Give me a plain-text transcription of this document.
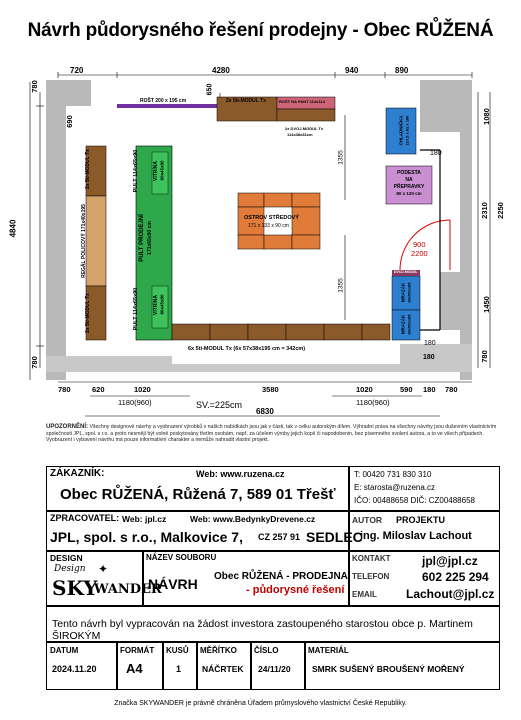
Návrh půdorysného řešení prodejny - Obec RŮŽENÁ
720	4280	940	890
780
4840
780
690	1080
2310 2250
1450
780
780	620	1020	3580	1020	590 180 780
1180(960)	SV.=225cm	1180(960)
6830
650
1355
1355
180
180
180
900
2200
ROŠT 200 x 195 cm	2x 5ti-MODUL Tx	ROŠT NA PANT 114x114
2x DVOJ-MODUL Tx
114x38x81cm
2x 5ti-MODUL Tx
REGÁL POLICOVÝ 171x40x195
2x 5ti-MODUL Tx
PULT 114x65x90	VITRÍNA 80x45x80
PULT PRODEJNÍ 171x65x90 cm
PULT 114x65x90	VITRÍNA 80x45x80
OSTROV STŘEDOVÝ
171 x 133 x 90 cm
CHLADNIČKA 117,5 x 61 x 186
PODESTA
NA
PŘEPRAVKY
80 x 120 cm
MRAZÁK 60x55x185
MRAZÁK 60x55x185
DVOJ-MODUL
6x 5ti-MODUL Tx (6x 57x38x195 cm = 342cm)
UPOZORNĚNÍ: Všechny designové návrhy a vyobrazení výrobků v našich nabídkách jsou jak v části, tak v celku autorským dílem. Výhradní práva na všechny návrhy jsou duševním vlastnictvím společnosti JPL, spol. s r.o. a proto nesmějí být volně poskytovány třetím osobám, např. za účelem výroby jejich kopií či napodobenin, bez písemného svolení autora, a to ve všech případech. Vyobrazení i vybavení návrhu má pouze informativní charakter a nemůže nahradit vlastní projekt.
ZÁKAZNÍK:	Web: www.ruzena.cz
Obec RŮŽENÁ, Růžená 7, 589 01 Třešť
T: 00420 731 830 310
E: starosta@ruzena.cz
IČO: 00488658 DIČ: CZ00488658
ZPRACOVATEL: Web: jpl.cz	Web: www.BedynkyDrevene.cz
JPL, spol. s r.o., Malkovice 7, CZ 257 91 SEDLEC
AUTOR PROJEKTU
ing. Miloslav Lachout
DESIGN
Design
SKY
WANDER
✦
NÁZEV SOUBORU
NÁVRH Obec RŮŽENÁ - PRODEJNA
- půdorysné řešení
KONTAKT	jpl@jpl.cz
TELEFON	602 225 294
EMAIL Lachout@jpl.cz
Tento návrh byl vypracován na žádost investora zastoupeného starostou obce p. Martinem ŠIROKÝM
DATUM
2024.11.20
FORMÁT
A4
KUSŮ
1
MĚŘÍTKO
NÁČRTEK
ČÍSLO
24/11/20
MATERIÁL
SMRK SUŠENÝ BROUŠENÝ MOŘENÝ
Značka SKYWANDER je právně chráněna Úřadem průmyslového vlastnictví České Republiky.
